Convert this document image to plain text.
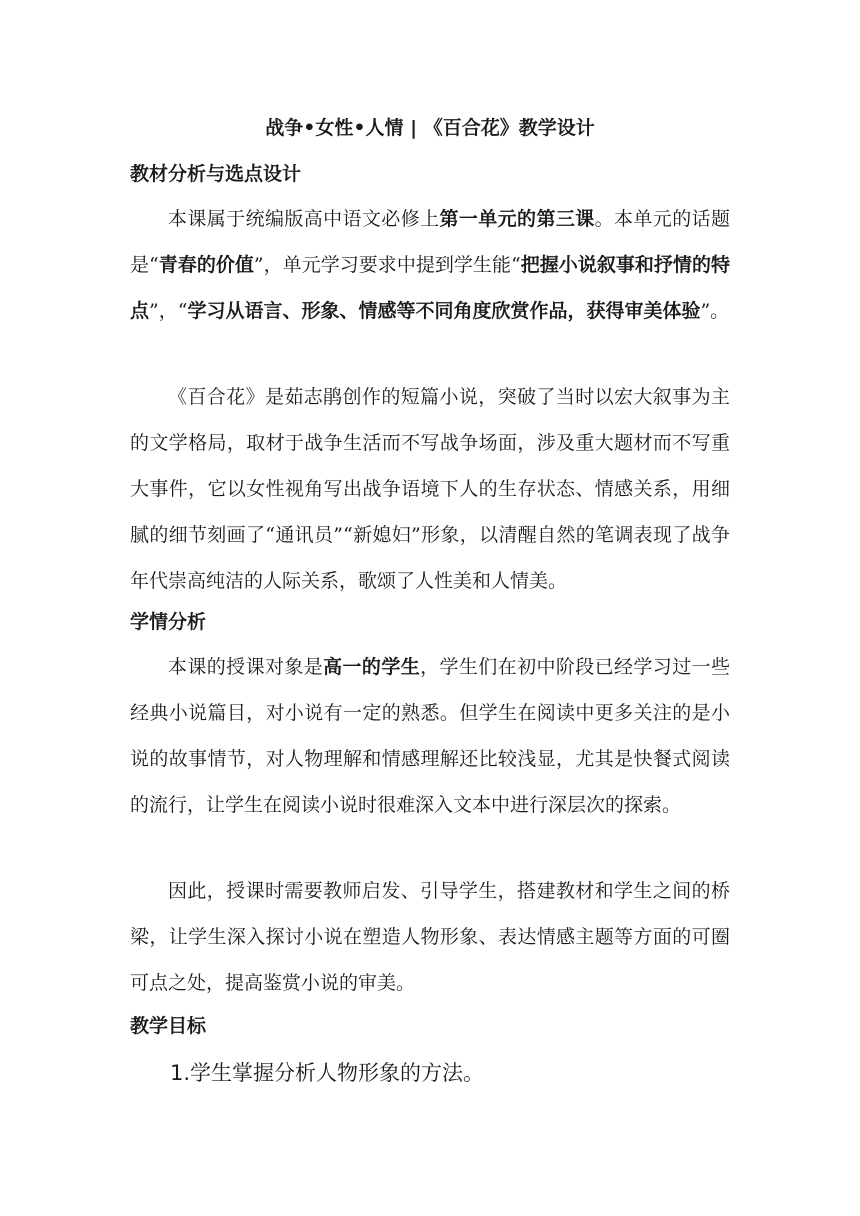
战争•女性•人情 | 《百合花》教学设计
教材分析与选点设计

本课属于统编版高中语文必修上第一单元的第三课。本单元的话题是“青春的价值”，单元学习要求中提到学生能“把握小说叙事和抒情的特点”，“学习从语言、形象、情感等不同角度欣赏作品，获得审美体验”。

《百合花》是茹志鹃创作的短篇小说，突破了当时以宏大叙事为主的文学格局，取材于战争生活而不写战争场面，涉及重大题材而不写重大事件，它以女性视角写出战争语境下人的生存状态、情感关系，用细腻的细节刻画了“通讯员”“新媳妇”形象，以清醒自然的笔调表现了战争年代崇高纯洁的人际关系，歌颂了人性美和人情美。

学情分析

本课的授课对象是高一的学生，学生们在初中阶段已经学习过一些经典小说篇目，对小说有一定的熟悉。但学生在阅读中更多关注的是小说的故事情节，对人物理解和情感理解还比较浅显，尤其是快餐式阅读的流行，让学生在阅读小说时很难深入文本中进行深层次的探索。

因此，授课时需要教师启发、引导学生，搭建教材和学生之间的桥梁，让学生深入探讨小说在塑造人物形象、表达情感主题等方面的可圈可点之处，提高鉴赏小说的审美。

教学目标

1.学生掌握分析人物形象的方法。
